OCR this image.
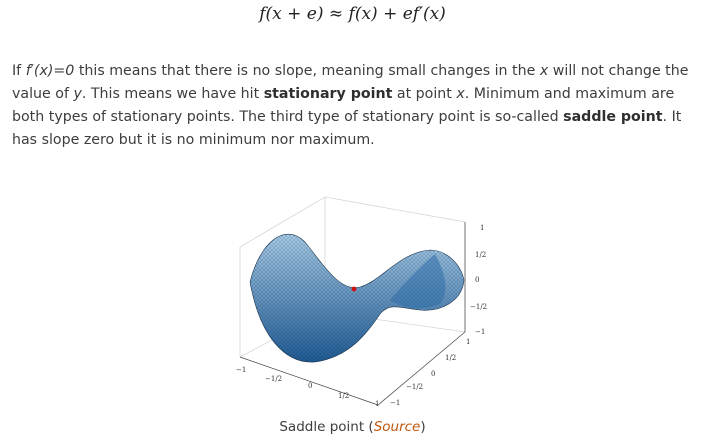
f(x + e) ≈ f(x) + ef′(x)

If f′(x)=0 this means that there is no slope, meaning small changes in the x will not change the value of y. This means we have hit stationary point at point x. Minimum and maximum are both types of stationary points. The third type of stationary point is so-called saddle point. It has slope zero but it is no minimum nor maximum.

1
1/2
0
−1/2
−1
−1
−1/2
0
1/2
1
1
1/2
0
−1/2
−1
Saddle point (Source)
